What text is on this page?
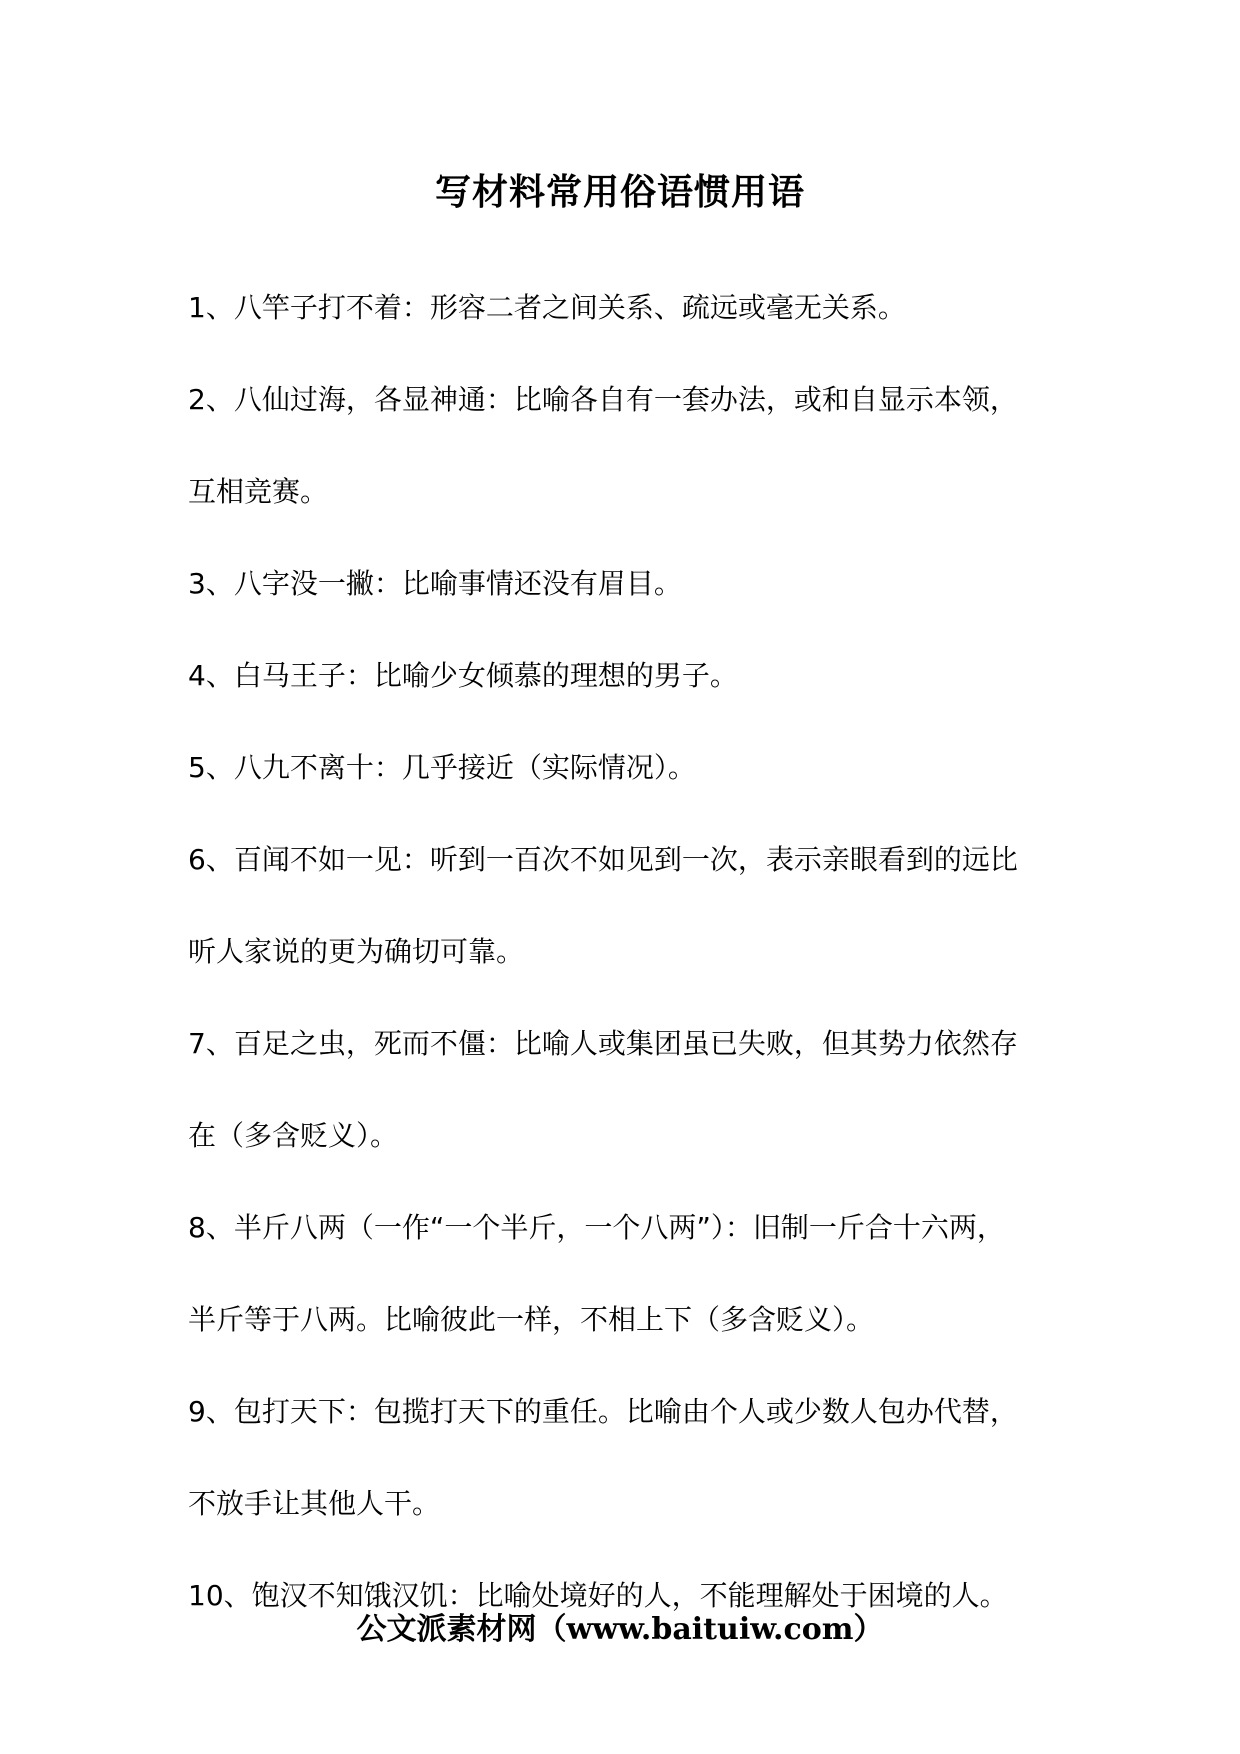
写材料常用俗语惯用语
1、八竿子打不着：形容二者之间关系、疏远或毫无关系。
2、八仙过海，各显神通：比喻各自有一套办法，或和自显示本领，
互相竞赛。
3、八字没一撇：比喻事情还没有眉目。
4、白马王子：比喻少女倾慕的理想的男子。
5、八九不离十：几乎接近（实际情况）。
6、百闻不如一见：听到一百次不如见到一次，表示亲眼看到的远比
听人家说的更为确切可靠。
7、百足之虫，死而不僵：比喻人或集团虽已失败，但其势力依然存
在（多含贬义）。
8、半斤八两（一作“一个半斤，一个八两”）：旧制一斤合十六两，
半斤等于八两。比喻彼此一样，不相上下（多含贬义）。
9、包打天下：包揽打天下的重任。比喻由个人或少数人包办代替，
不放手让其他人干。
10、饱汉不知饿汉饥：比喻处境好的人，不能理解处于困境的人。
公文派素材网（www.baituiw.com）
